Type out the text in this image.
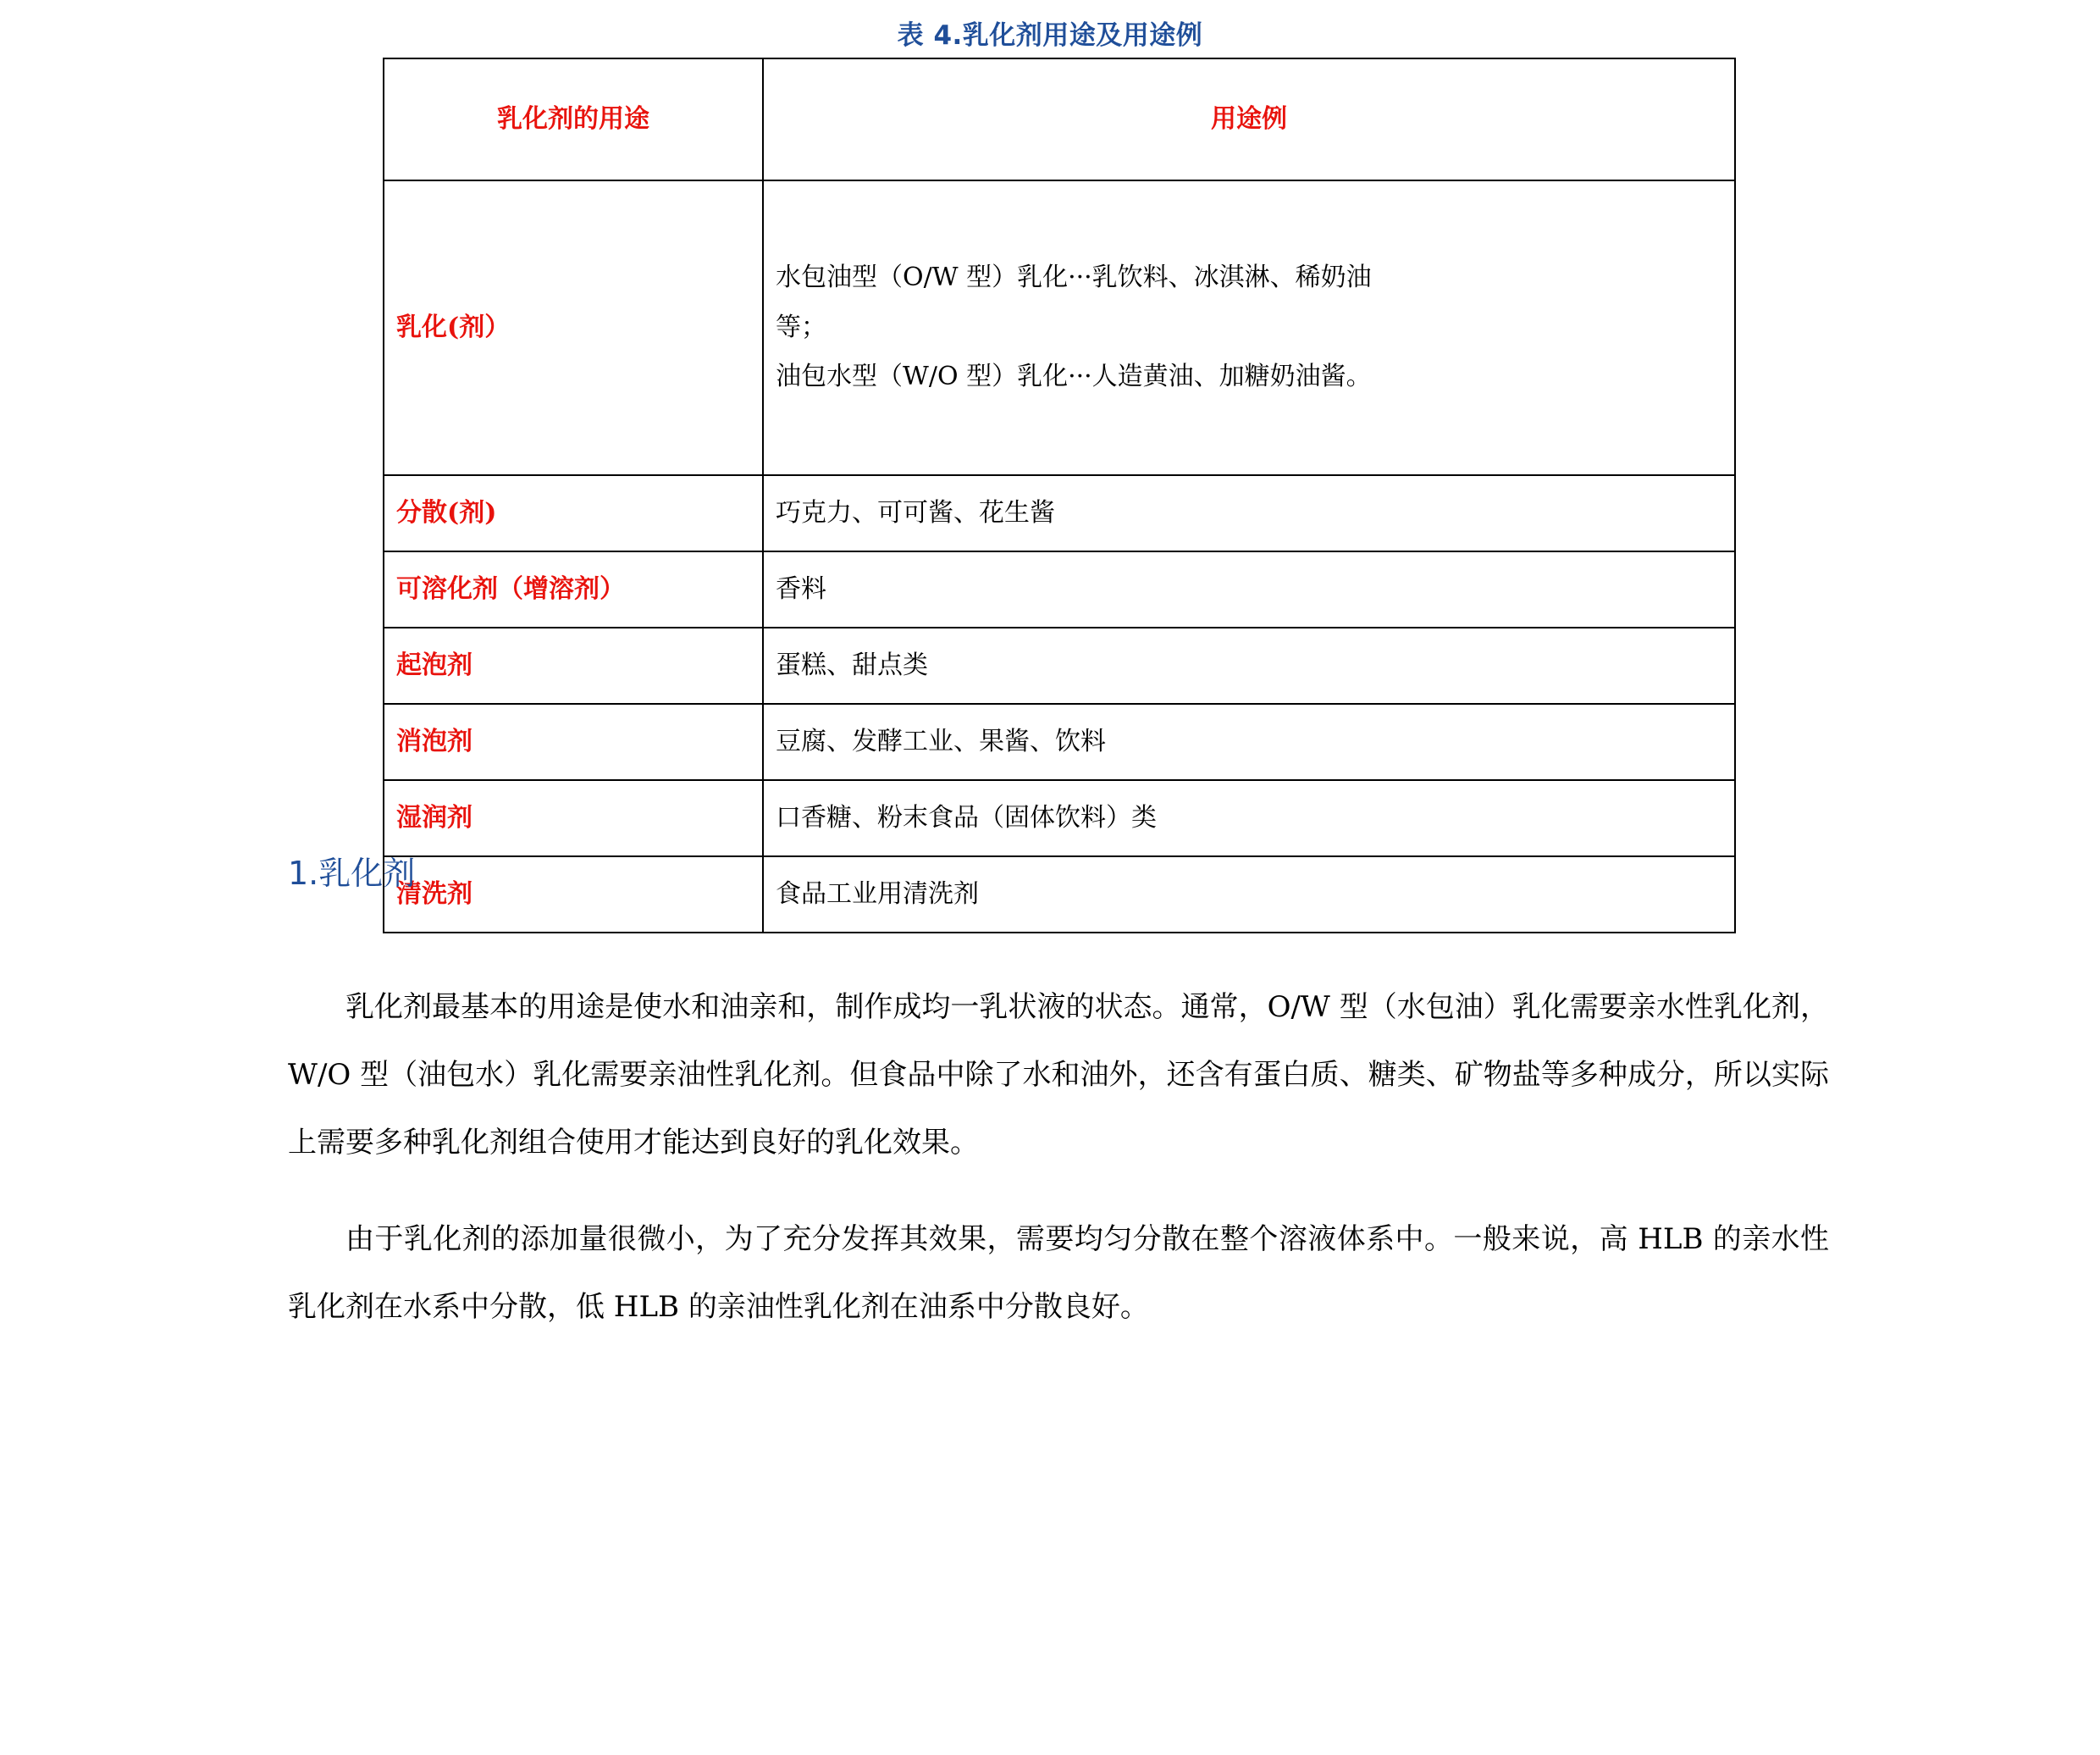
表 4.乳化剂用途及用途例
乳化剂的用途	用途例
乳化(剂）	水包油型（O/W 型）乳化···乳饮料、冰淇淋、稀奶油

等；

油包水型（W/O 型）乳化···人造黄油、加糖奶油酱。

分散(剂)	巧克力、可可酱、花生酱
可溶化剂（增溶剂）	香料
起泡剂	蛋糕、甜点类
消泡剂	豆腐、发酵工业、果酱、饮料
湿润剂	口香糖、粉末食品（固体饮料）类
清洗剂	食品工业用清洗剂
1.乳化剂

乳化剂最基本的用途是使水和油亲和，制作成均一乳状液的状态。通常，O/W 型（水包油）乳化需要亲水性乳化剂，W/O 型（油包水）乳化需要亲油性乳化剂。但食品中除了水和油外，还含有蛋白质、糖类、矿物盐等多种成分，所以实际上需要多种乳化剂组合使用才能达到良好的乳化效果。

由于乳化剂的添加量很微小，为了充分发挥其效果，需要均匀分散在整个溶液体系中。一般来说，高 HLB 的亲水性乳化剂在水系中分散，低 HLB 的亲油性乳化剂在油系中分散良好。
